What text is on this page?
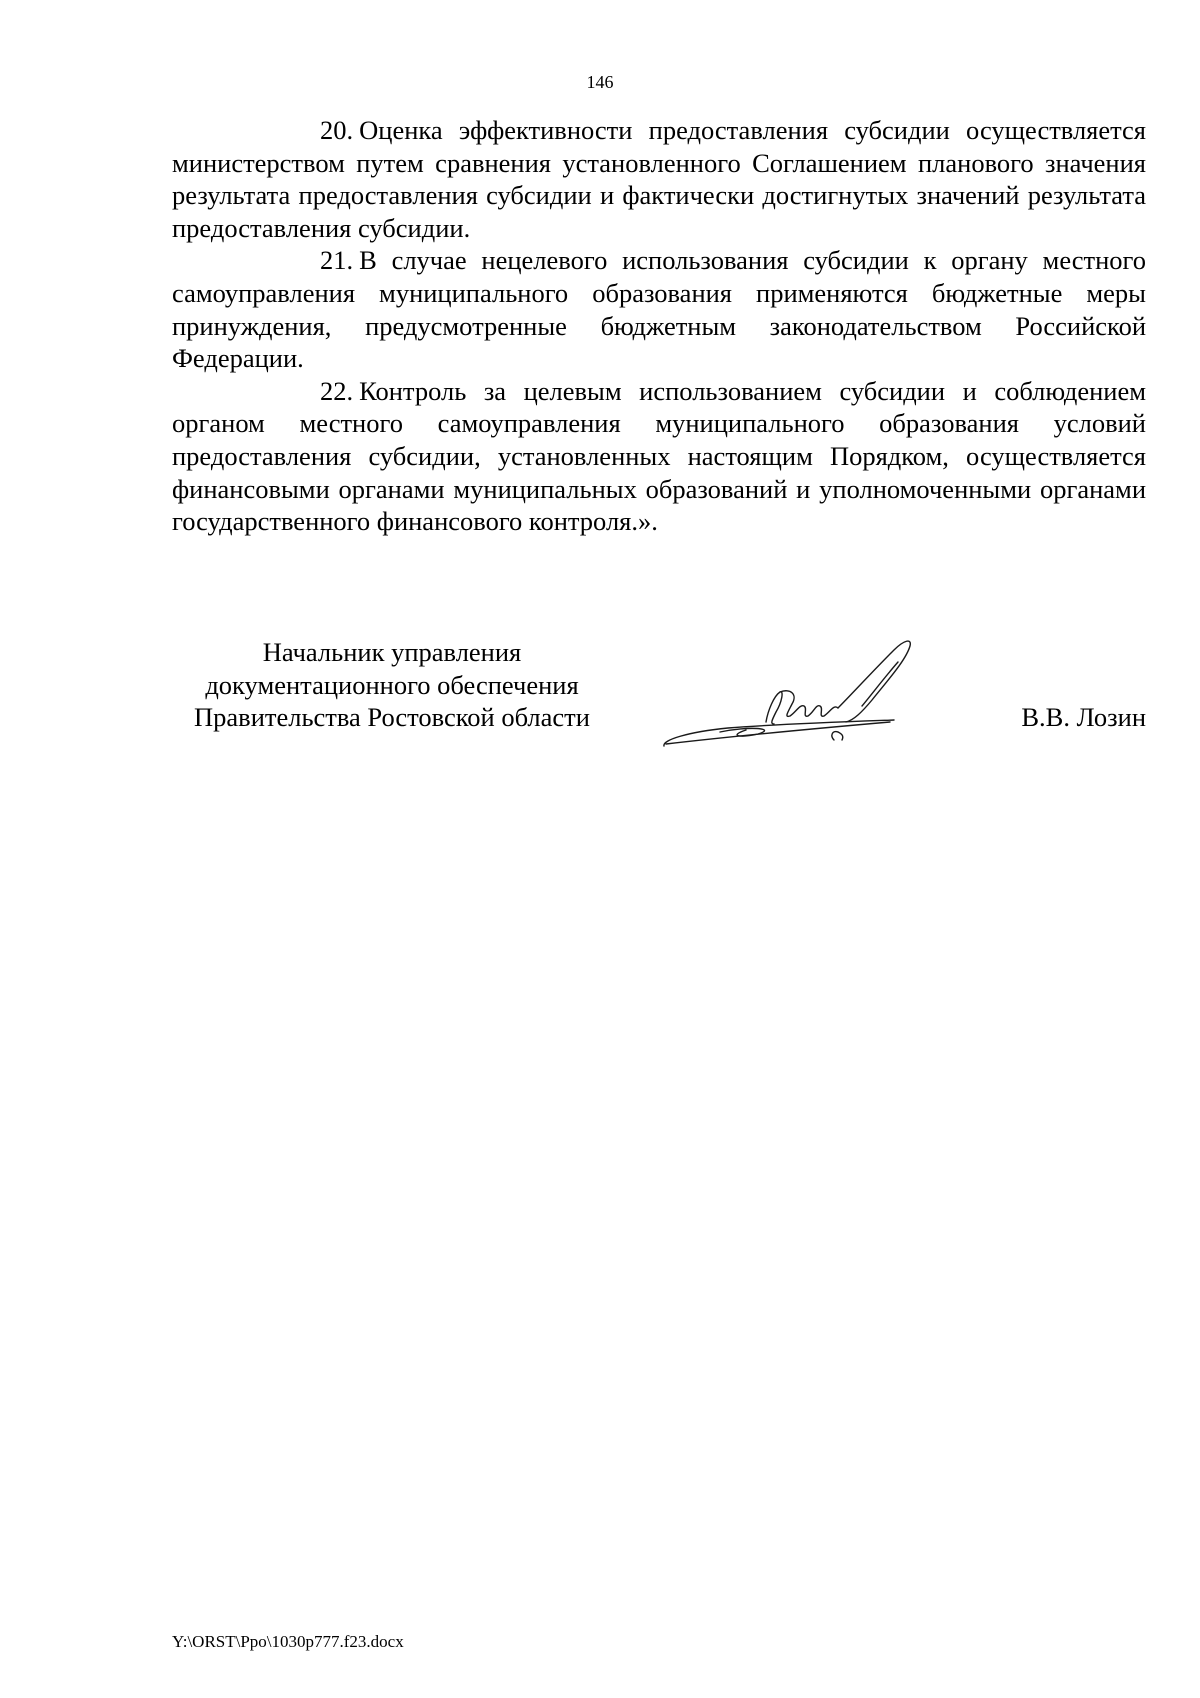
146

20. Оценка эффективности предоставления субсидии осуществляется министерством путем сравнения установленного Соглашением планового значения результата предоставления субсидии и фактически достигнутых значений результата предоставления субсидии.

21. В случае нецелевого использования субсидии к органу местного самоуправления муниципального образования применяются бюджетные меры принуждения, предусмотренные бюджетным законодательством Российской Федерации.

22. Контроль за целевым использованием субсидии и соблюдением органом местного самоуправления муниципального образования условий предоставления субсидии, установленных настоящим Порядком, осуществляется финансовыми органами муниципальных образований и уполномоченными органами государственного финансового контроля.».

Начальник управления
документационного обеспечения
Правительства Ростовской области	В.В. Лозин
Y:\ORST\Ppo\1030p777.f23.docx
